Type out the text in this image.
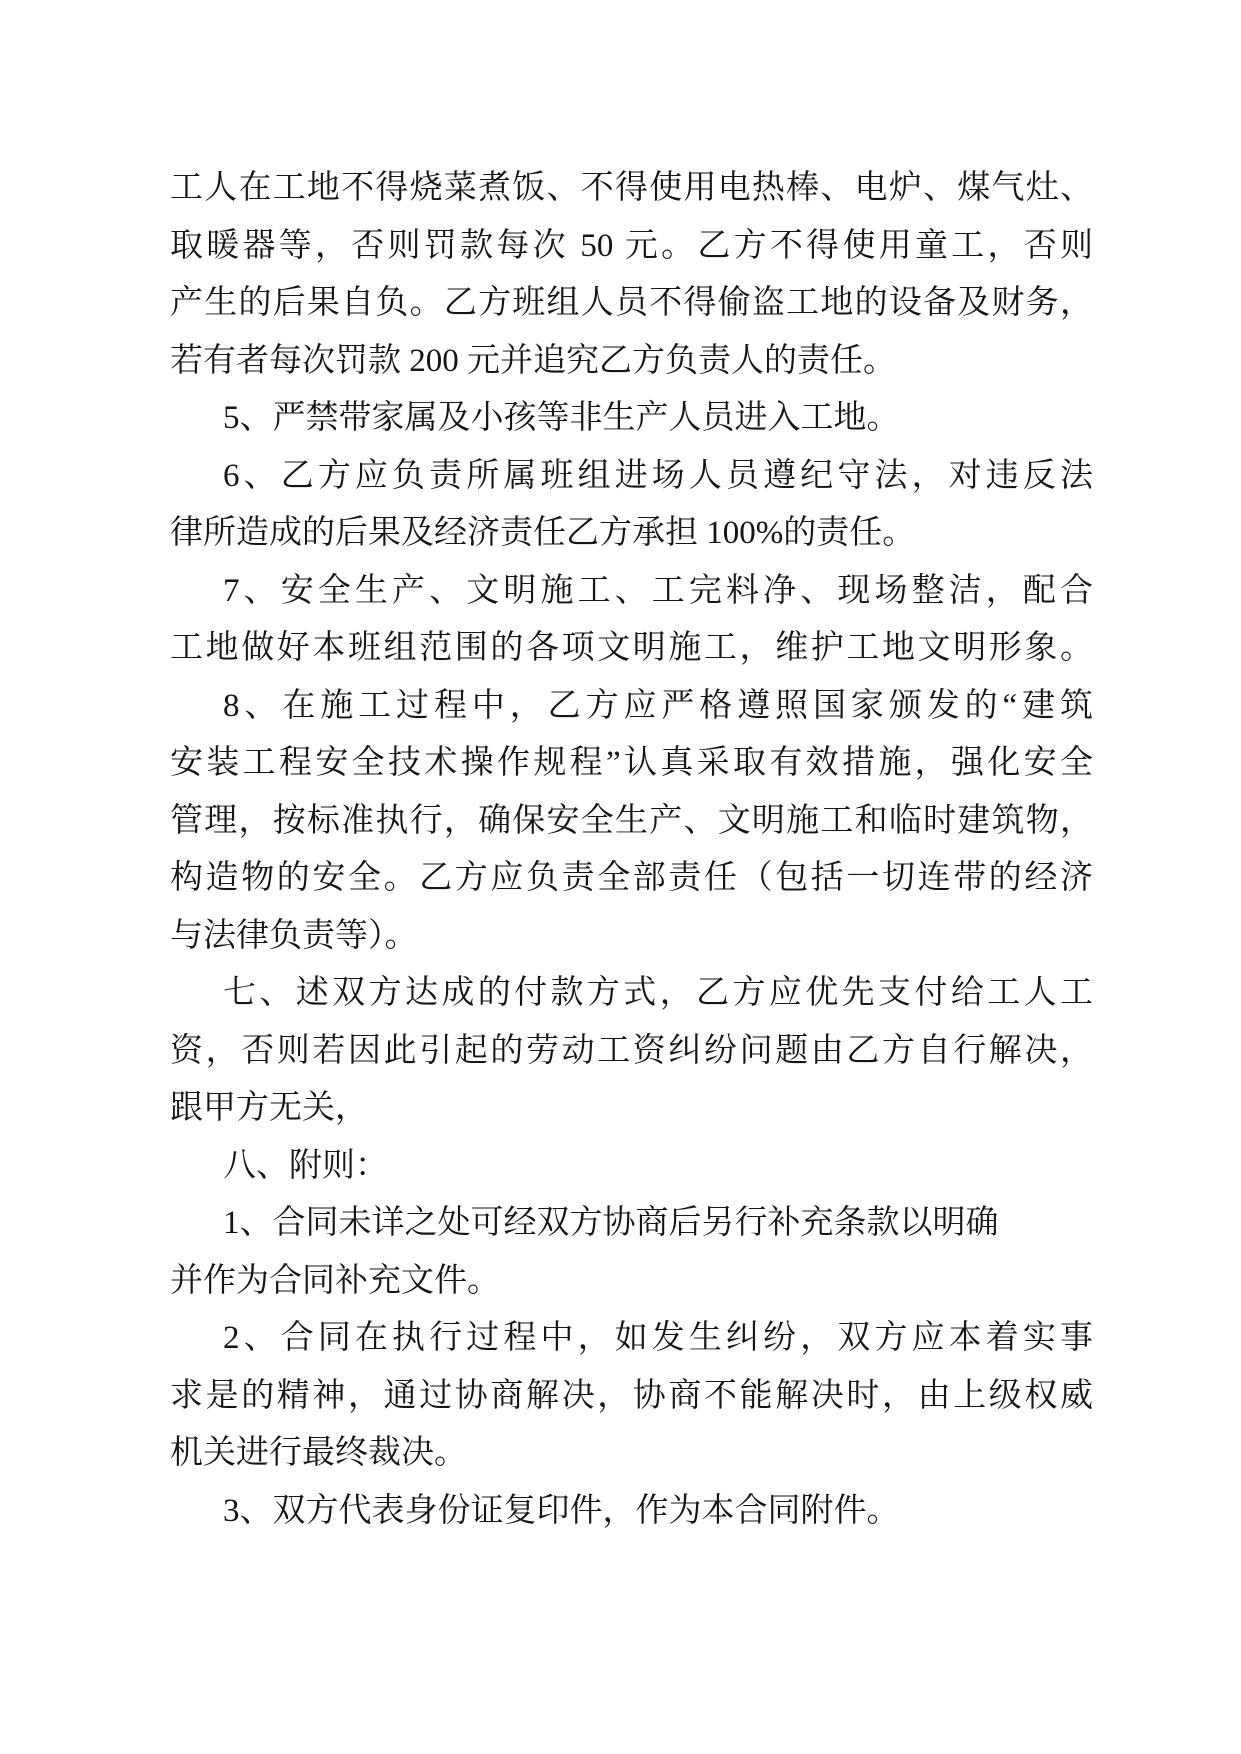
工人在工地不得烧菜煮饭、不得使用电热棒、电炉、煤气灶、
取暖器等，否则罚款每次 50 元。乙方不得使用童工，否则
产生的后果自负。乙方班组人员不得偷盗工地的设备及财务，
若有者每次罚款 200 元并追究乙方负责人的责任。
5、严禁带家属及小孩等非生产人员进入工地。
6、乙方应负责所属班组进场人员遵纪守法，对违反法
律所造成的后果及经济责任乙方承担 100%的责任。
7、安全生产、文明施工、工完料净、现场整洁，配合
工地做好本班组范围的各项文明施工，维护工地文明形象。
8、在施工过程中，乙方应严格遵照国家颁发的“建筑
安装工程安全技术操作规程”认真采取有效措施，强化安全
管理，按标准执行，确保安全生产、文明施工和临时建筑物，
构造物的安全。乙方应负责全部责任（包括一切连带的经济
与法律负责等）。
七、述双方达成的付款方式，乙方应优先支付给工人工
资，否则若因此引起的劳动工资纠纷问题由乙方自行解决，
跟甲方无关，
八、附则：
1、合同未详之处可经双方协商后另行补充条款以明确
并作为合同补充文件。
2、合同在执行过程中，如发生纠纷，双方应本着实事
求是的精神，通过协商解决，协商不能解决时，由上级权威
机关进行最终裁决。
3、双方代表身份证复印件，作为本合同附件。
